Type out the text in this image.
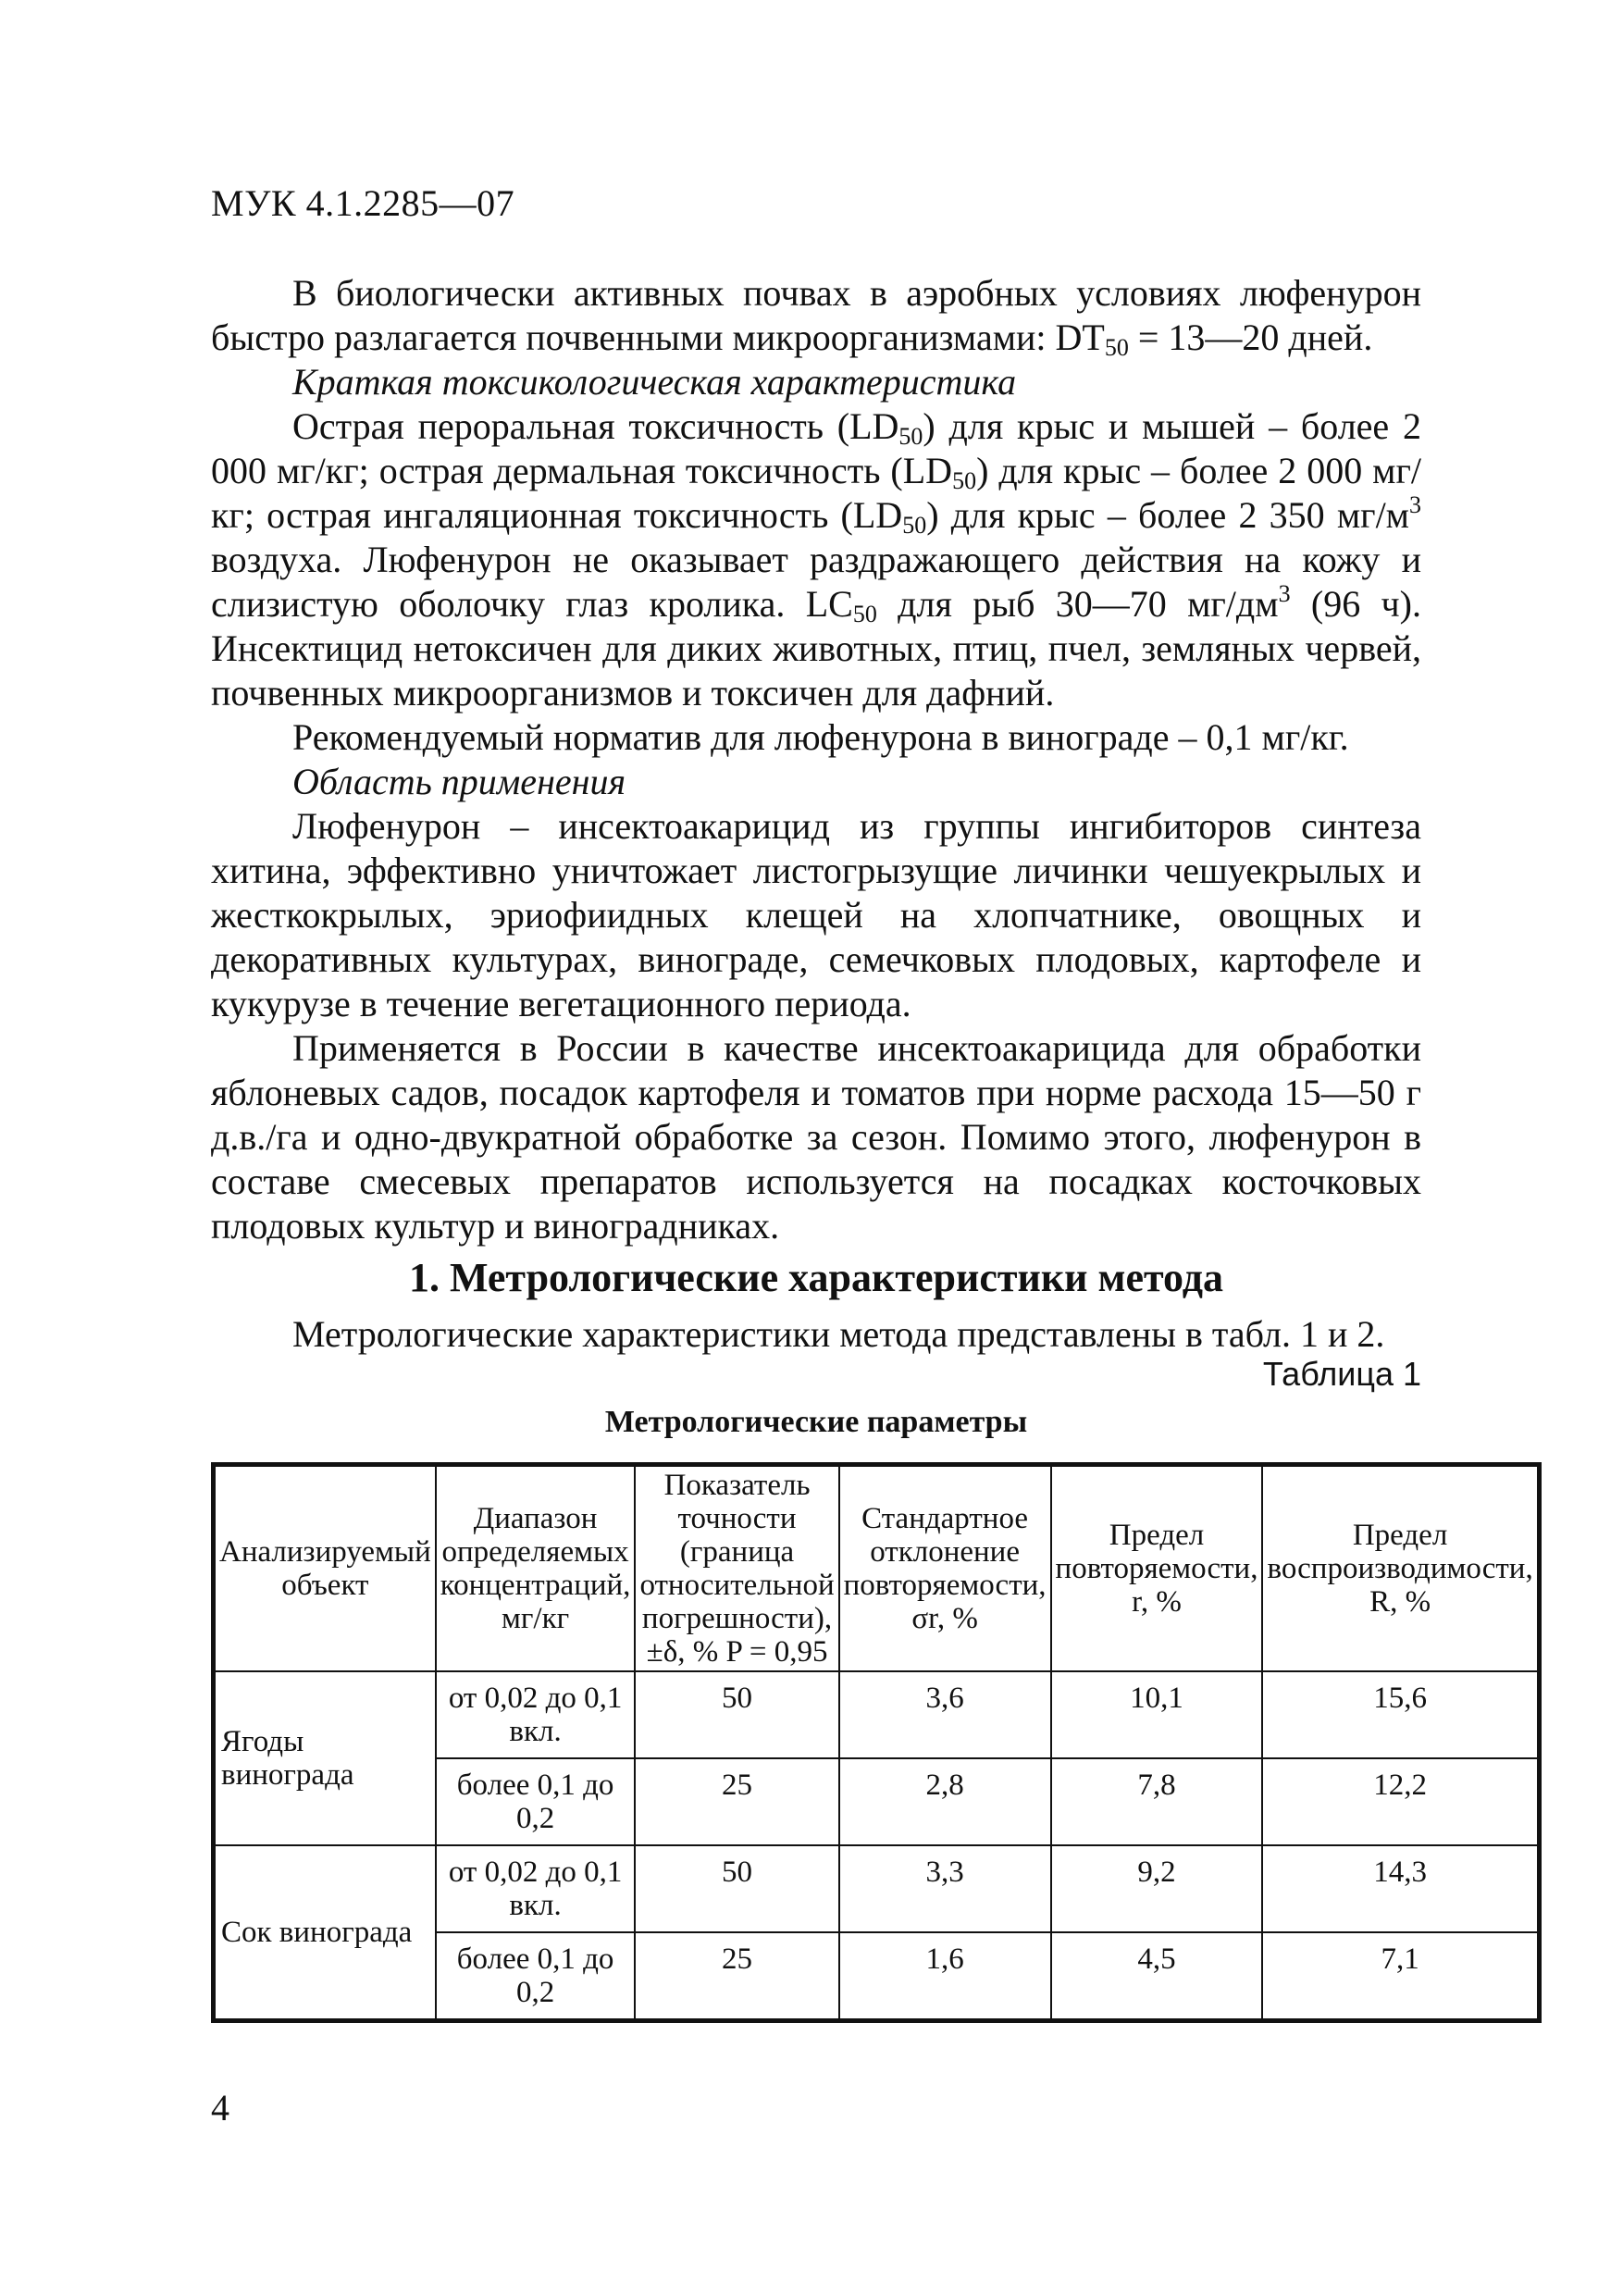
МУК 4.1.2285—07

В биологически активных почвах в аэробных условиях люфенурон быстро разлагается почвенными микроорганизмами: $DT_{50}$ = 13—20 дней.

Краткая токсикологическая характеристика

Острая пероральная токсичность $(LD_{50})$ для крыс и мышей – более 2 000 мг/кг; острая дермальная токсичность $(LD_{50})$ для крыс – более 2 000 мг/кг; острая ингаляционная токсичность $(LD_{50})$ для крыс – более 2 350 $мг/м^3$ воздуха. Люфенурон не оказывает раздражающего действия на кожу и слизистую оболочку глаз кролика. $LC_{50}$ для рыб 30—70 $мг/дм^3$ (96 ч). Инсектицид нетоксичен для диких животных, птиц, пчел, земляных червей, почвенных микроорганизмов и токсичен для дафний.

Рекомендуемый норматив для люфенурона в винограде – 0,1 мг/кг.

Область применения

Люфенурон – инсектоакарицид из группы ингибиторов синтеза хитина, эффективно уничтожает листогрызущие личинки чешуекрылых и жесткокрылых, эриофиидных клещей на хлопчатнике, овощных и декоративных культурах, винограде, семечковых плодовых, картофеле и кукурузе в течение вегетационного периода.

Применяется в России в качестве инсектоакарицида для обработки яблоневых садов, посадок картофеля и томатов при норме расхода 15—50 г д.в./га и одно-двукратной обработке за сезон. Помимо этого, люфенурон в составе смесевых препаратов используется на посадках косточковых плодовых культур и виноградниках.

1. Метрологические характеристики метода
Метрологические характеристики метода представлены в табл. 1 и 2.
Таблица 1
Метрологические параметры
Анализируемый объект	Диапазон определяемых концентраций, мг/кг	Показатель точности (граница относительной погрешности), ±δ, % P = 0,95	Стандартное отклонение повторяемости, σr, %	Предел повторяемости, r, %	Предел воспроизводимости, R, %
Ягоды винограда	от 0,02 до 0,1 вкл.	50	3,6	10,1	15,6
	более 0,1 до 0,2	25	2,8	7,8	12,2
Сок винограда	от 0,02 до 0,1 вкл.	50	3,3	9,2	14,3
	более 0,1 до 0,2	25	1,6	4,5	7,1
4
